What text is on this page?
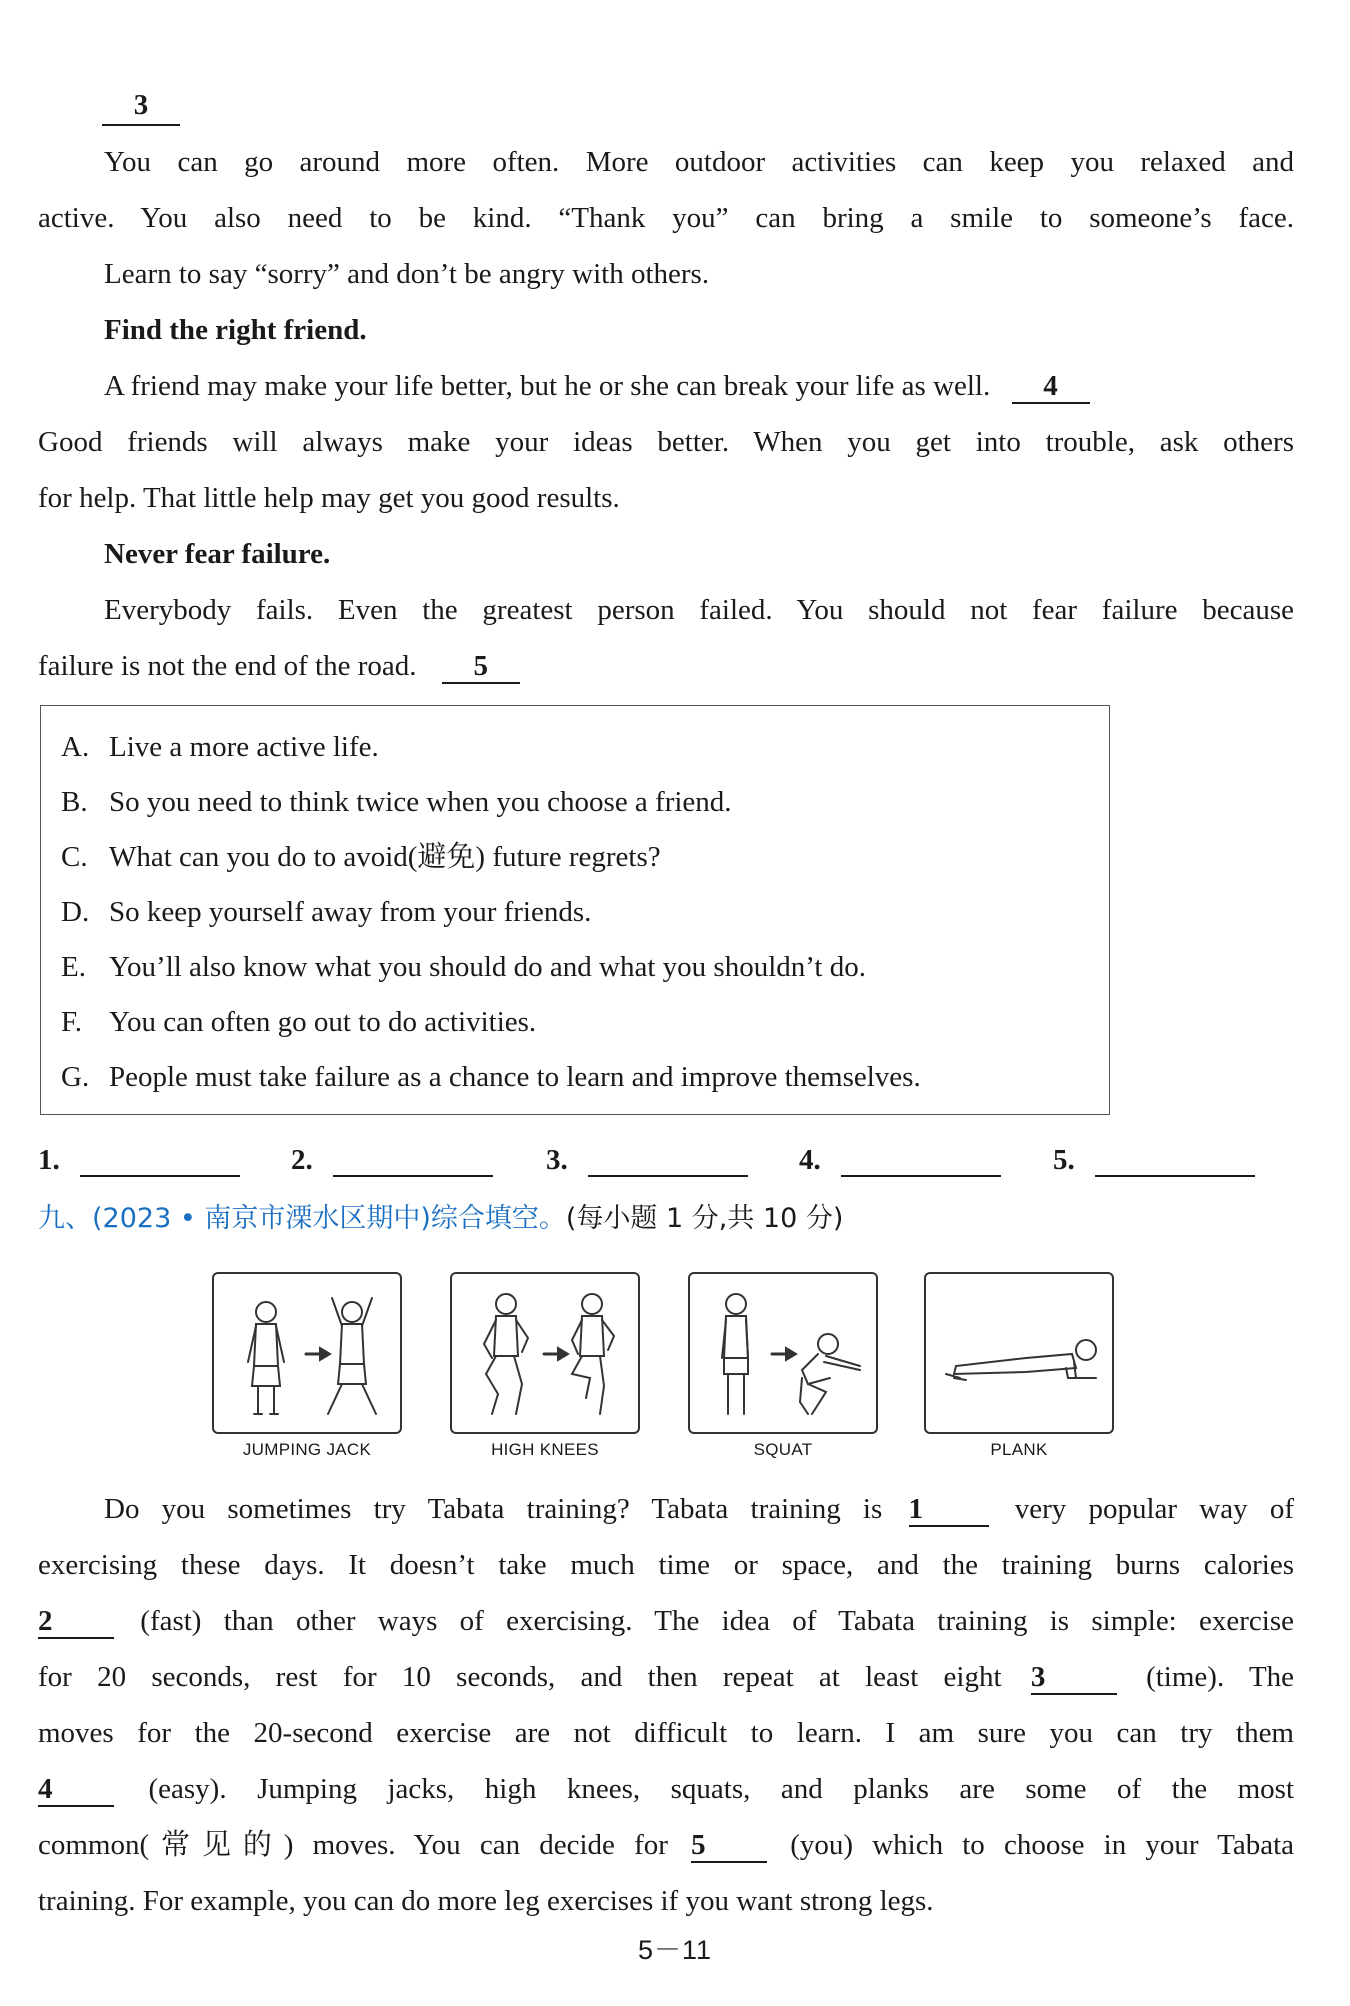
3
You can go around more often. More outdoor activities can keep you relaxed and
active. You also need to be kind. “Thank you” can bring a smile to someone’s face.
Learn to say “sorry” and don’t be angry with others.
Find the right friend.
A friend may make your life better, but he or she can break your life as well. 4
Good friends will always make your ideas better. When you get into trouble, ask others
for help. That little help may get you good results.
Never fear failure.
Everybody fails. Even the greatest person failed. You should not fear failure because
failure is not the end of the road. 5
A. Live a more active life.
B. So you need to think twice when you choose a friend.
C. What can you do to avoid(避免) future regrets?
D. So keep yourself away from your friends.
E. You’ll also know what you should do and what you shouldn’t do.
F. You can often go out to do activities.
G. People must take failure as a chance to learn and improve themselves.
1.	2.	3.	4.	5.
九、(2023 • 南京市溧水区期中)综合填空。(每小题 1 分,共 10 分)
JUMPING JACK	HIGH KNEES	SQUAT	PLANK
Do you sometimes try Tabata training? Tabata training is 1	very popular way of
exercising these days. It doesn’t take much time or space, and the training burns calories
2	(fast) than other ways of exercising. The idea of Tabata training is simple: exercise
for 20 seconds, rest for 10 seconds, and then repeat at least eight 3	(time). The
moves for the 20-second exercise are not difficult to learn. I am sure you can try them
4	(easy). Jumping jacks, high knees, squats, and planks are some of the most
common(常见的) moves. You can decide for 5	(you) which to choose in your Tabata
training. For example, you can do more leg exercises if you want strong legs.
5－11
